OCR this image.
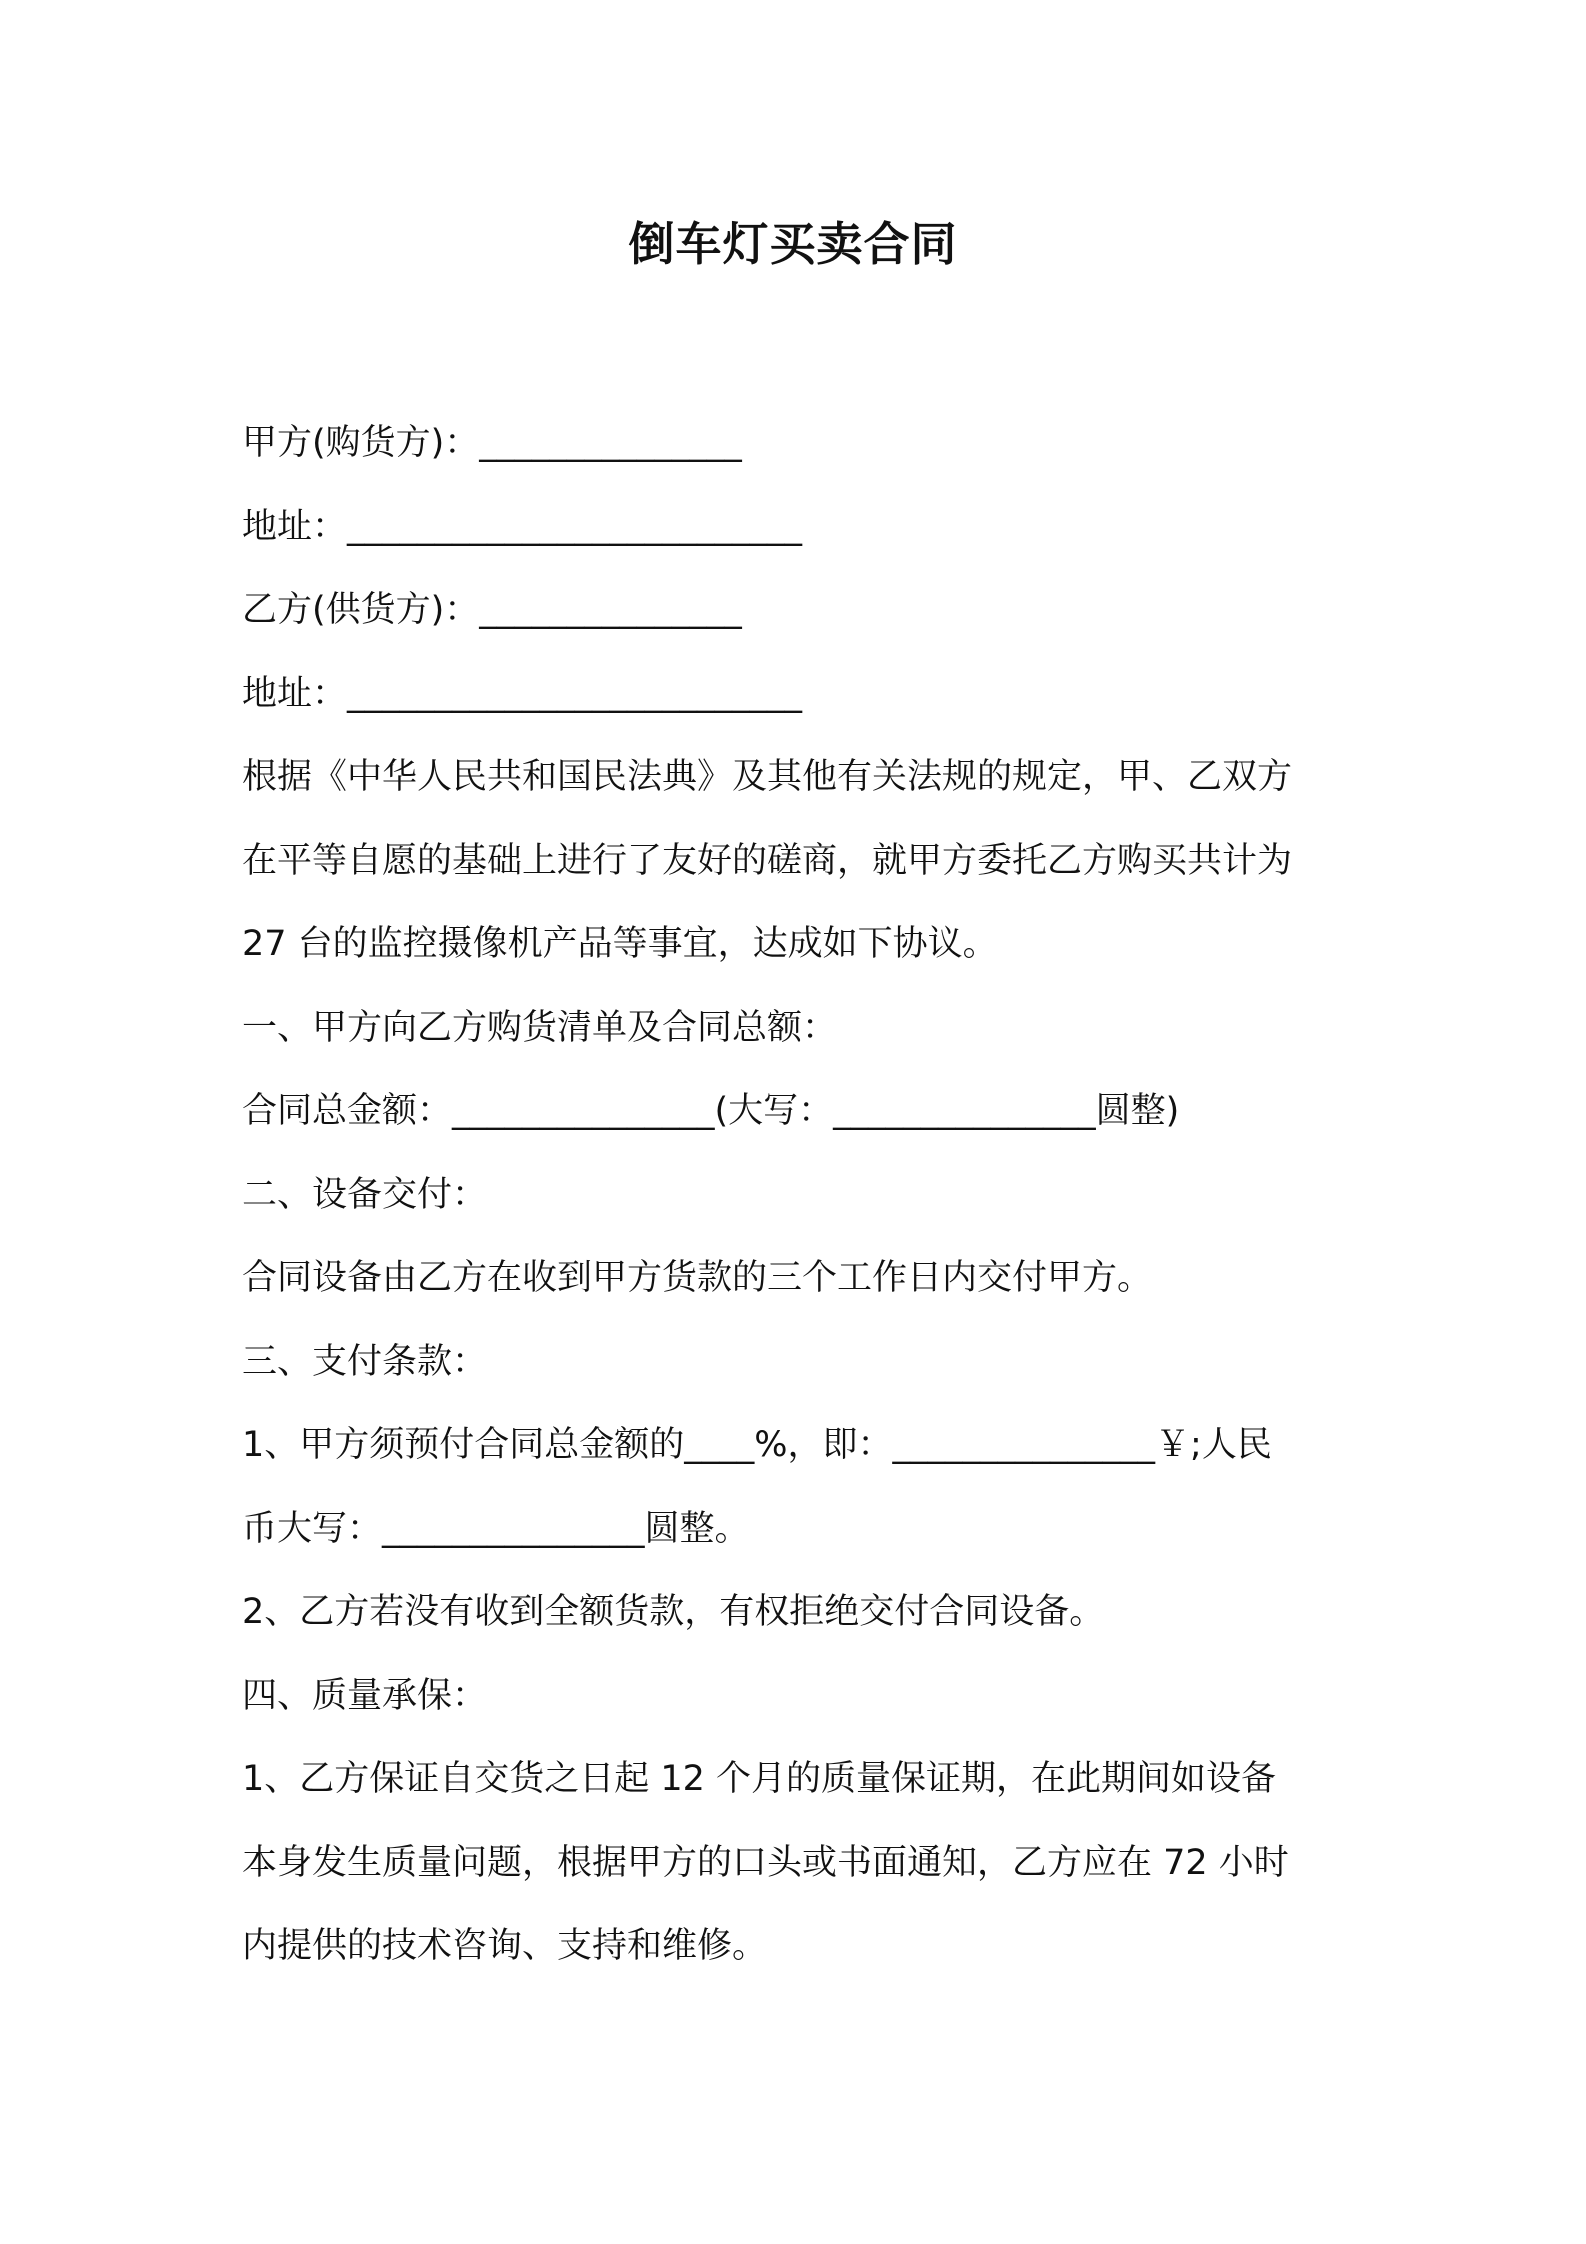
倒车灯买卖合同

甲方(购货方)：_______________

地址：__________________________

乙方(供货方)：_______________

地址：__________________________

根据《中华人民共和国民法典》及其他有关法规的规定，甲、乙双方

在平等自愿的基础上进行了友好的磋商，就甲方委托乙方购买共计为

27 台的监控摄像机产品等事宜，达成如下协议。

一、甲方向乙方购货清单及合同总额：

合同总金额：_______________(大写：_______________圆整)

二、设备交付：

合同设备由乙方在收到甲方货款的三个工作日内交付甲方。

三、支付条款：

1、甲方须预付合同总金额的____%，即：_______________￥;人民

币大写：_______________圆整。

2、乙方若没有收到全额货款，有权拒绝交付合同设备。

四、质量承保：

1、乙方保证自交货之日起 12 个月的质量保证期，在此期间如设备

本身发生质量问题，根据甲方的口头或书面通知，乙方应在 72 小时

内提供的技术咨询、支持和维修。
